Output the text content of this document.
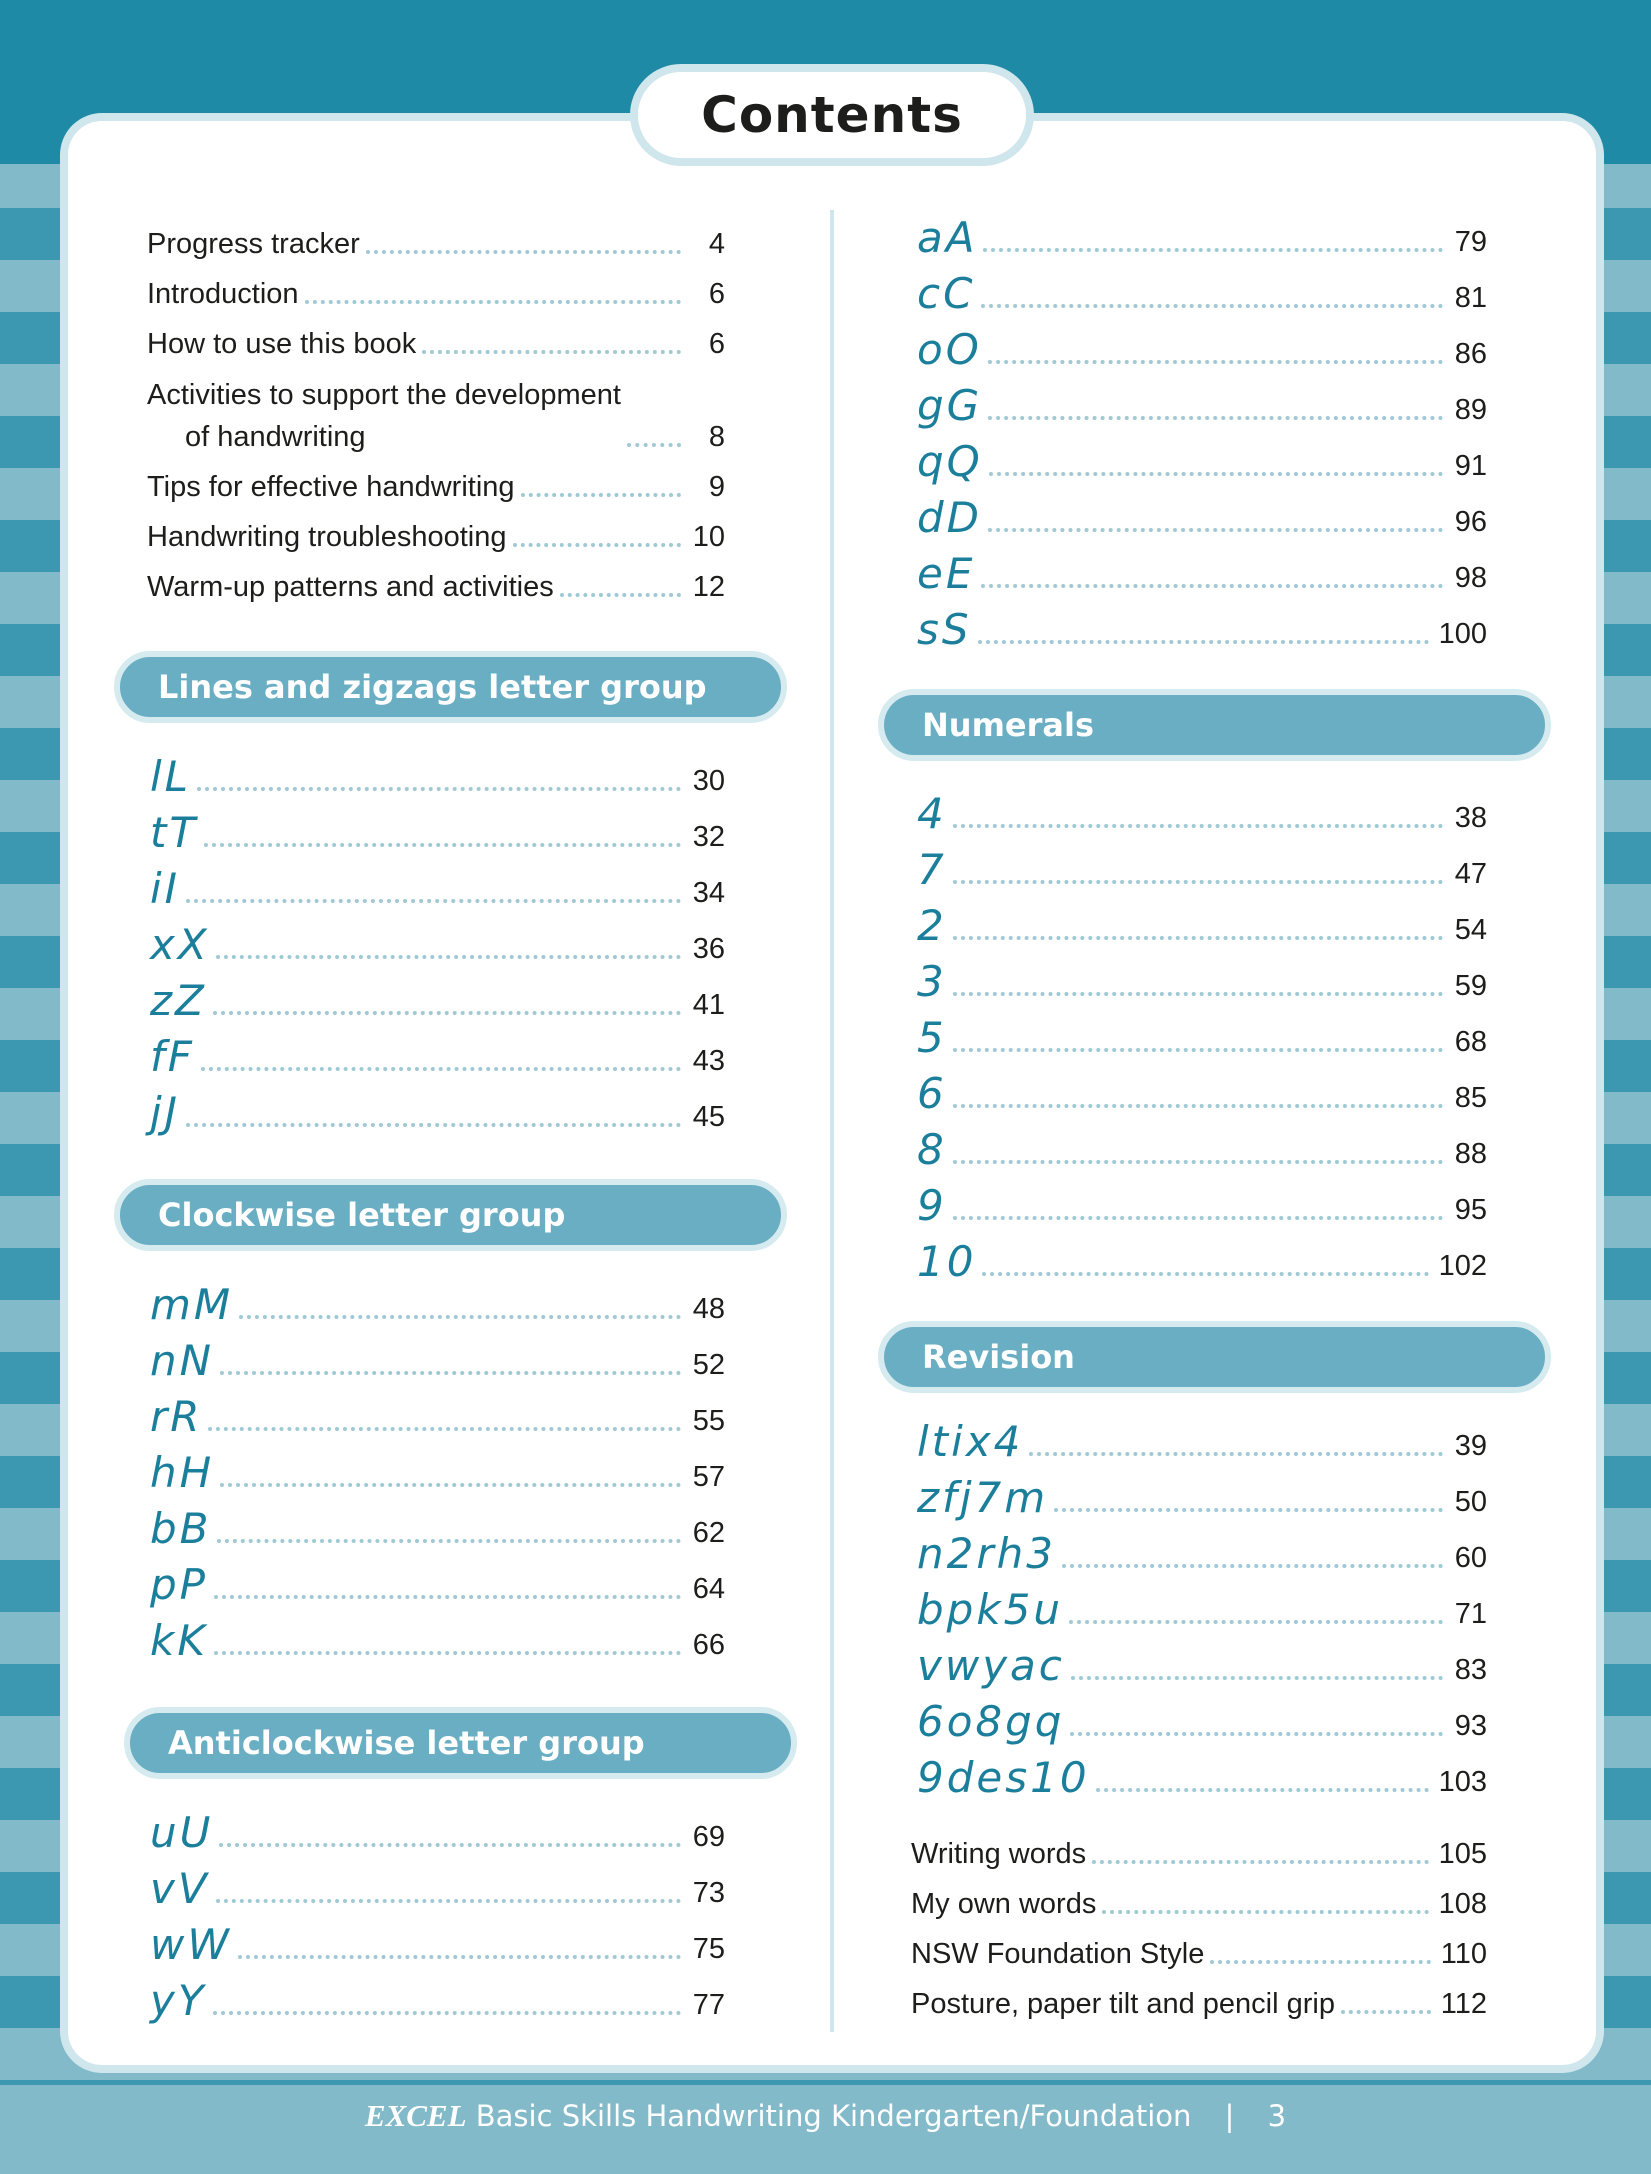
Contents
Progress tracker	4
Introduction	6
How to use this book	6
Activities to support the development
of handwriting	8
Tips for effective handwriting	9
Handwriting troubleshooting	10
Warm-up patterns and activities	12
Lines and zigzags letter group
lL	30
tT	32
iI	34
xX	36
zZ	41
fF	43
jJ	45
Clockwise letter group
mM	48
nN	52
rR	55
hH	57
bB	62
pP	64
kK	66
Anticlockwise letter group
uU	69
vV	73
wW	75
yY	77
aA	79
cC	81
oO	86
gG	89
qQ	91
dD	96
eE	98
sS	100
Numerals
4	38
7	47
2	54
3	59
5	68
6	85
8	88
9	95
10	102
Revision
ltix4	39
zfj7m	50
n2rh3	60
bpk5u	71
vwyac	83
6o8gq	93
9des10	103
Writing words	105
My own words	108
NSW Foundation Style	110
Posture, paper tilt and pencil grip	112
EXCEL Basic Skills Handwriting Kindergarten/Foundation | 3
